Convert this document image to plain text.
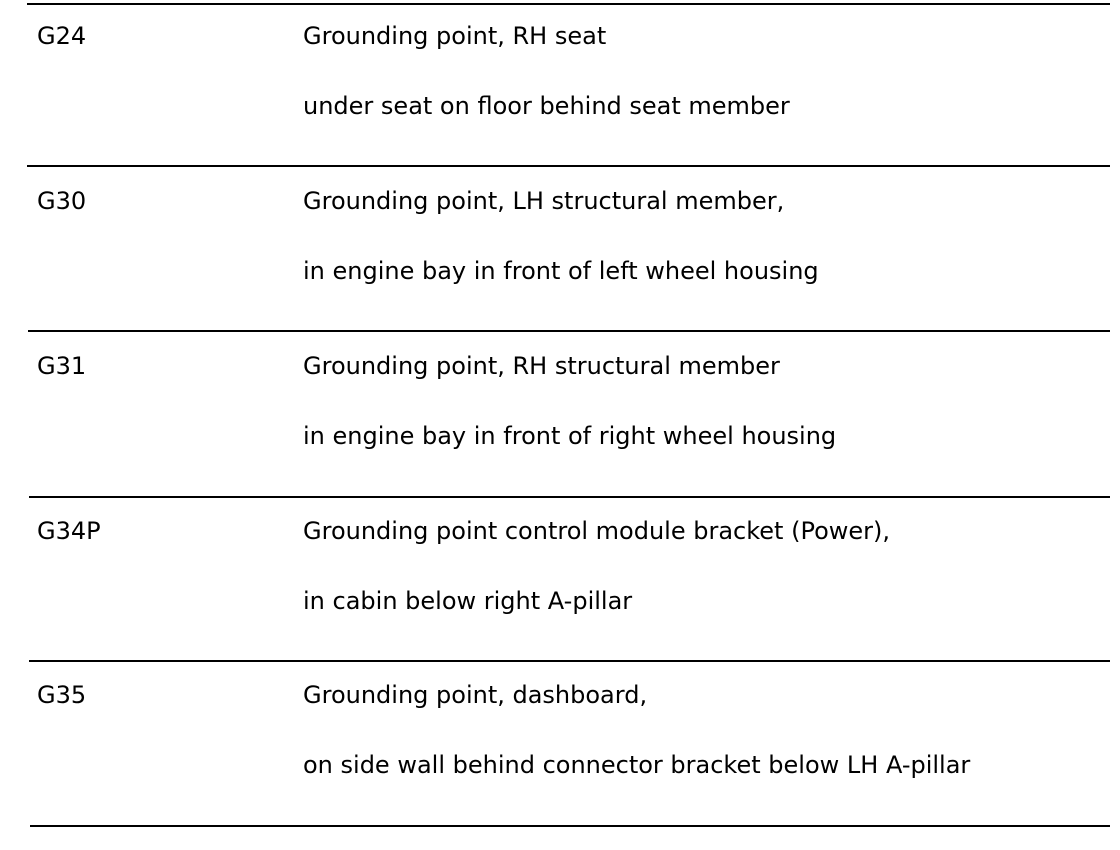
G24	Grounding point, RH seat
under seat on floor behind seat member
G30	Grounding point, LH structural member,
in engine bay in front of left wheel housing
G31	Grounding point, RH structural member
in engine bay in front of right wheel housing
G34P	Grounding point control module bracket (Power),
in cabin below right A-pillar
G35	Grounding point, dashboard,
on side wall behind connector bracket below LH A-pillar
